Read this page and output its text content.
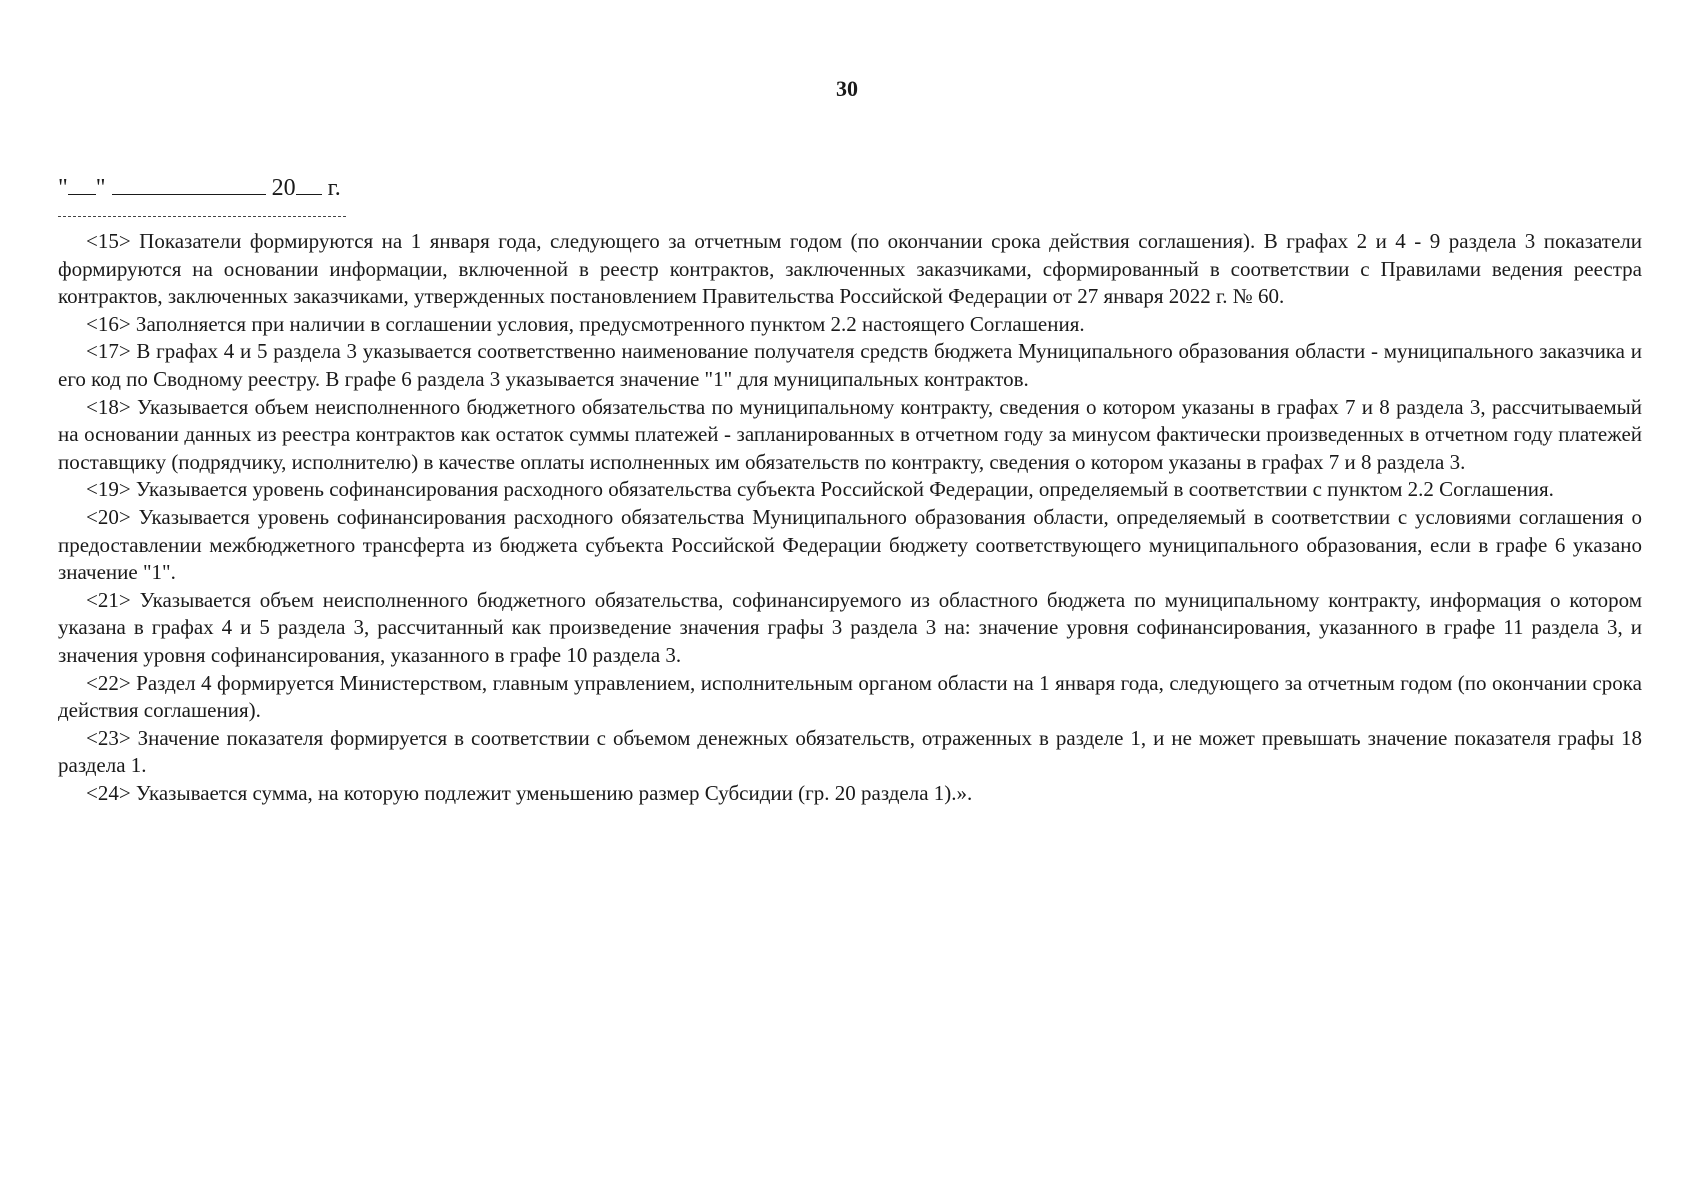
30
" "	20 г.

<15> Показатели формируются на 1 января года, следующего за отчетным годом (по окончании срока действия соглашения). В графах 2 и 4 - 9 раздела 3 показатели формируются на основании информации, включенной в реестр контрактов, заключенных заказчиками, сформированный в соответствии с Правилами ведения реестра контрактов, заключенных заказчиками, утвержденных постановлением Правительства Российской Федерации от 27 января 2022 г. № 60.

<16> Заполняется при наличии в соглашении условия, предусмотренного пунктом 2.2 настоящего Соглашения.

<17> В графах 4 и 5 раздела 3 указывается соответственно наименование получателя средств бюджета Муниципального образования области - муниципального заказчика и его код по Сводному реестру. В графе 6 раздела 3 указывается значение "1" для муниципальных контрактов.

<18> Указывается объем неисполненного бюджетного обязательства по муниципальному контракту, сведения о котором указаны в графах 7 и 8 раздела 3, рассчитываемый на основании данных из реестра контрактов как остаток суммы платежей - запланированных в отчетном году за минусом фактически произведенных в отчетном году платежей поставщику (подрядчику, исполнителю) в качестве оплаты исполненных им обязательств по контракту, сведения о котором указаны в графах 7 и 8 раздела 3.

<19> Указывается уровень софинансирования расходного обязательства субъекта Российской Федерации, определяемый в соответствии с пунктом 2.2 Соглашения.

<20> Указывается уровень софинансирования расходного обязательства Муниципального образования области, определяемый в соответствии с условиями соглашения о предоставлении межбюджетного трансферта из бюджета субъекта Российской Федерации бюджету соответствующего муниципального образования, если в графе 6 указано значение "1".

<21> Указывается объем неисполненного бюджетного обязательства, софинансируемого из областного бюджета по муниципальному контракту, информация о котором указана в графах 4 и 5 раздела 3, рассчитанный как произведение значения графы 3 раздела 3 на: значение уровня софинансирования, указанного в графе 11 раздела 3, и значения уровня софинансирования, указанного в графе 10 раздела 3.

<22> Раздел 4 формируется Министерством, главным управлением, исполнительным органом области на 1 января года, следующего за отчетным годом (по окончании срока действия соглашения).

<23> Значение показателя формируется в соответствии с объемом денежных обязательств, отраженных в разделе 1, и не может превышать значение показателя графы 18 раздела 1.

<24> Указывается сумма, на которую подлежит уменьшению размер Субсидии (гр. 20 раздела 1).».
